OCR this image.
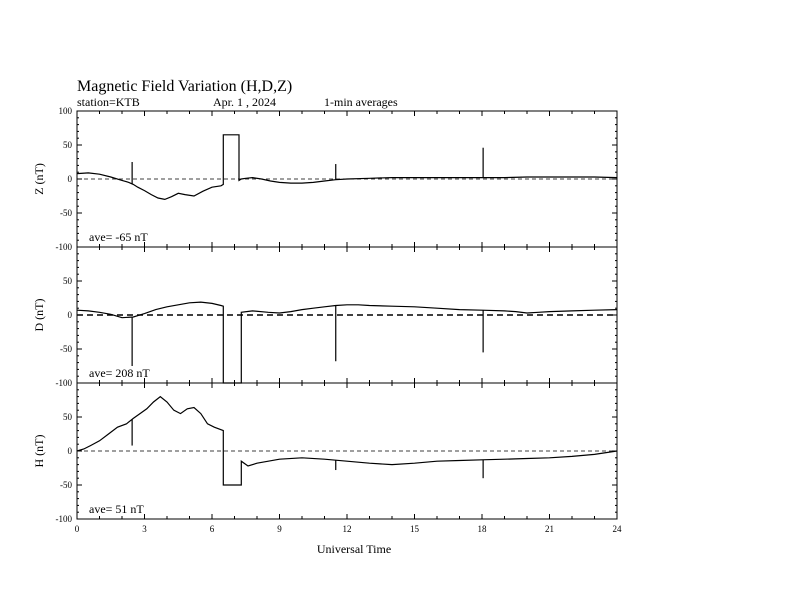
Magnetic Field Variation (H,D,Z)
station=KTB	Apr. 1 , 2024	1-min averages
100
50
0
-50
-100
Z (nT)
ave= -65 nT
50
0
-50
-100
D (nT)
ave= 208 nT
50
0
-50
-100
H (nT)
ave= 51 nT
0	3	6	9	12	15	18	21	24
Universal Time
